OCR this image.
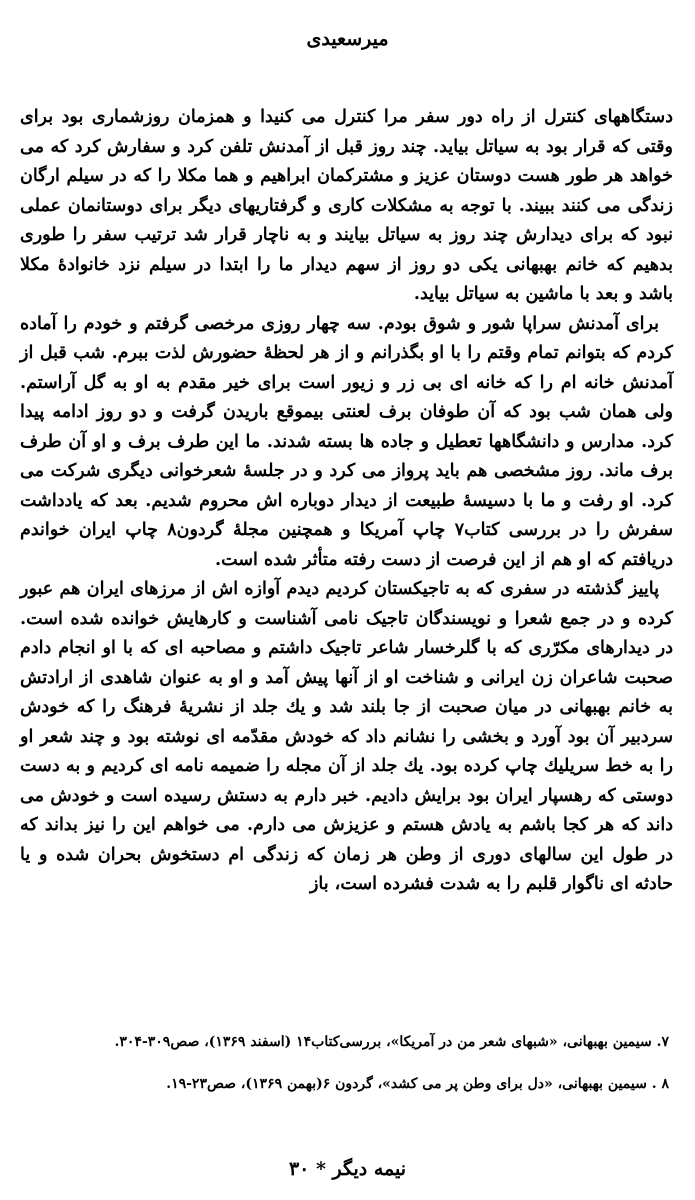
میرسعیدی

دستگاههای کنترل از راه دور سفر مرا کنترل می کنیدا و همزمان روزشماری بود برای وقتی که قرار بود به سیاتل بیاید. چند روز قبل از آمدنش تلفن کرد و سفارش کرد که می خواهد هر طور هست دوستان عزیز و مشترکمان ابراهیم و هما مکلا را که در سیلم ارگان زندگی می کنند ببیند. با توجه به مشکلات کاری و گرفتاریهای دیگر برای دوستانمان عملی نبود که برای دیدارش چند روز به سیاتل بیایند و به ناچار قرار شد ترتیب سفر را طوری بدهیم که خانم بهبهانی یکی دو روز از سهم دیدار ما را ابتدا در سیلم نزد خانوادهٔ مکلا باشد و بعد با ماشین به سیاتل بیاید.

برای آمدنش سراپا شور و شوق بودم. سه چهار روزی مرخصی گرفتم و خودم را آماده کردم که بتوانم تمام وقتم را با او بگذرانم و از هر لحظهٔ حضورش لذت ببرم. شب قبل از آمدنش خانه ام را که خانه ای بی زر و زیور است برای خیر مقدم به او به گل آراستم. ولی همان شب بود که آن طوفان برف لعنتی بیموقع باریدن گرفت و دو روز ادامه پیدا کرد. مدارس و دانشگاهها تعطیل و جاده ها بسته شدند. ما این طرف برف و او آن طرف برف ماند. روز مشخصی هم باید پرواز می کرد و در جلسهٔ شعرخوانی دیگری شرکت می کرد. او رفت و ما با دسیسهٔ طبیعت از دیدار دوباره اش محروم شدیم. بعد که یادداشت سفرش را در بررسی کتاب۷ چاپ آمریکا و همچنین مجلهٔ گردون۸ چاپ ایران خواندم دریافتم که او هم از این فرصت از دست رفته متأثر شده است.

پاییز گذشته در سفری که به تاجیکستان کردیم دیدم آوازه اش از مرزهای ایران هم عبور کرده و در جمع شعرا و نویسندگان تاجیک نامی آشناست و کارهایش خوانده شده است. در دیدارهای مکرّری که با گلرخسار شاعر تاجیک داشتم و مصاحبه ای که با او انجام دادم صحبت شاعران زن ایرانی و شناخت او از آنها پیش آمد و او به عنوان شاهدی از ارادتش به خانم بهبهانی در میان صحبت از جا بلند شد و یك جلد از نشریهٔ فرهنگ را که خودش سردبیر آن بود آورد و بخشی را نشانم داد که خودش مقدّمه ای نوشته بود و چند شعر او را به خط سریلیك چاپ کرده بود. یك جلد از آن مجله را ضمیمه نامه ای کردیم و به دست دوستی که رهسپار ایران بود برایش دادیم. خبر دارم به دستش رسیده است و خودش می داند که هر کجا باشم به یادش هستم و عزیزش می دارم. می خواهم این را نیز بداند که در طول این سالهای دوری از وطن هر زمان که زندگی ام دستخوش بحران شده و یا حادثه ای ناگوار قلبم را به شدت فشرده است، باز

۷. سیمین بهبهانی، «شبهای شعر من در آمریکا»، بررسی‌کتاب۱۴ (اسفند ۱۳۶۹)، صص۳۰۹-۳۰۴.

۸ . سیمین بهبهانی، «دل برای وطن پر می کشد»، گردون ۶(بهمن ۱۳۶۹)، صص۲۳-۱۹.

نیمه دیگر * ۳۰
